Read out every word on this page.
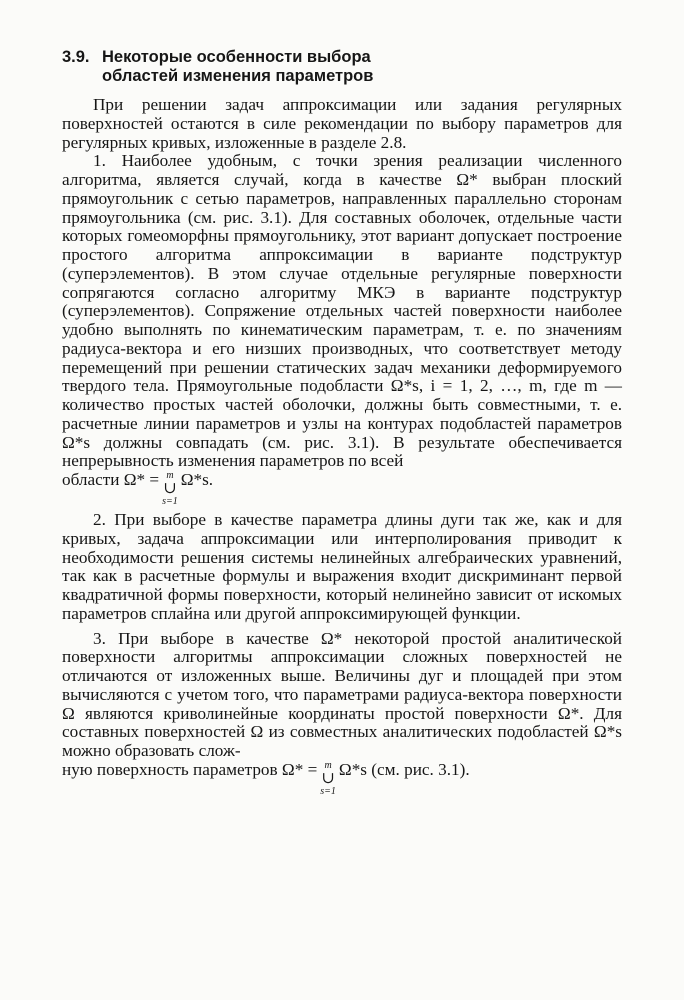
3.9. Некоторые особенности выбора
областей изменения параметров

При решении задач аппроксимации или задания регулярных поверхностей остаются в силе рекомендации по выбору параметров для регулярных кривых, изложенные в разделе 2.8.

1. Наиболее удобным, с точки зрения реализации численного алгоритма, является случай, когда в качестве Ω* выбран плоский прямоугольник с сетью параметров, направленных параллельно сторонам прямоугольника (см. рис. 3.1). Для составных оболочек, отдельные части которых гомеоморфны прямоугольнику, этот вариант допускает построение простого алгоритма аппроксимации в варианте подструктур (суперэлементов). В этом случае отдельные регулярные поверхности сопрягаются согласно алгоритму МКЭ в варианте подструктур (суперэлементов). Сопряжение отдельных частей поверхности наиболее удобно выполнять по кинематическим параметрам, т. е. по значениям радиуса-вектора и его низших производных, что соответствует методу перемещений при решении статических задач механики деформируемого твердого тела. Прямоугольные подобласти Ω*s, i = 1, 2, …, m, где m — количество простых частей оболочки, должны быть совместными, т. е. расчетные линии параметров и узлы на контурах подобластей параметров Ω*s должны совпадать (см. рис. 3.1). В результате обеспечивается непрерывность изменения параметров по всей

области Ω* = m
∪
s=1
Ω*s.

2. При выборе в качестве параметра длины дуги так же, как и для кривых, задача аппроксимации или интерполирования приводит к необходимости решения системы нелинейных алгебраических уравнений, так как в расчетные формулы и выражения входит дискриминант первой квадратичной формы поверхности, который нелинейно зависит от искомых параметров сплайна или другой аппроксимирующей функции.

3. При выборе в качестве Ω* некоторой простой аналитической поверхности алгоритмы аппроксимации сложных поверхностей не отличаются от изложенных выше. Величины дуг и площадей при этом вычисляются с учетом того, что параметрами радиуса-вектора поверхности Ω являются криволинейные координаты простой поверхности Ω*. Для составных поверхностей Ω из совместных аналитических подобластей Ω*s можно образовать слож-

ную поверхность параметров Ω* = m
∪
s=1
Ω*s (см. рис. 3.1).
